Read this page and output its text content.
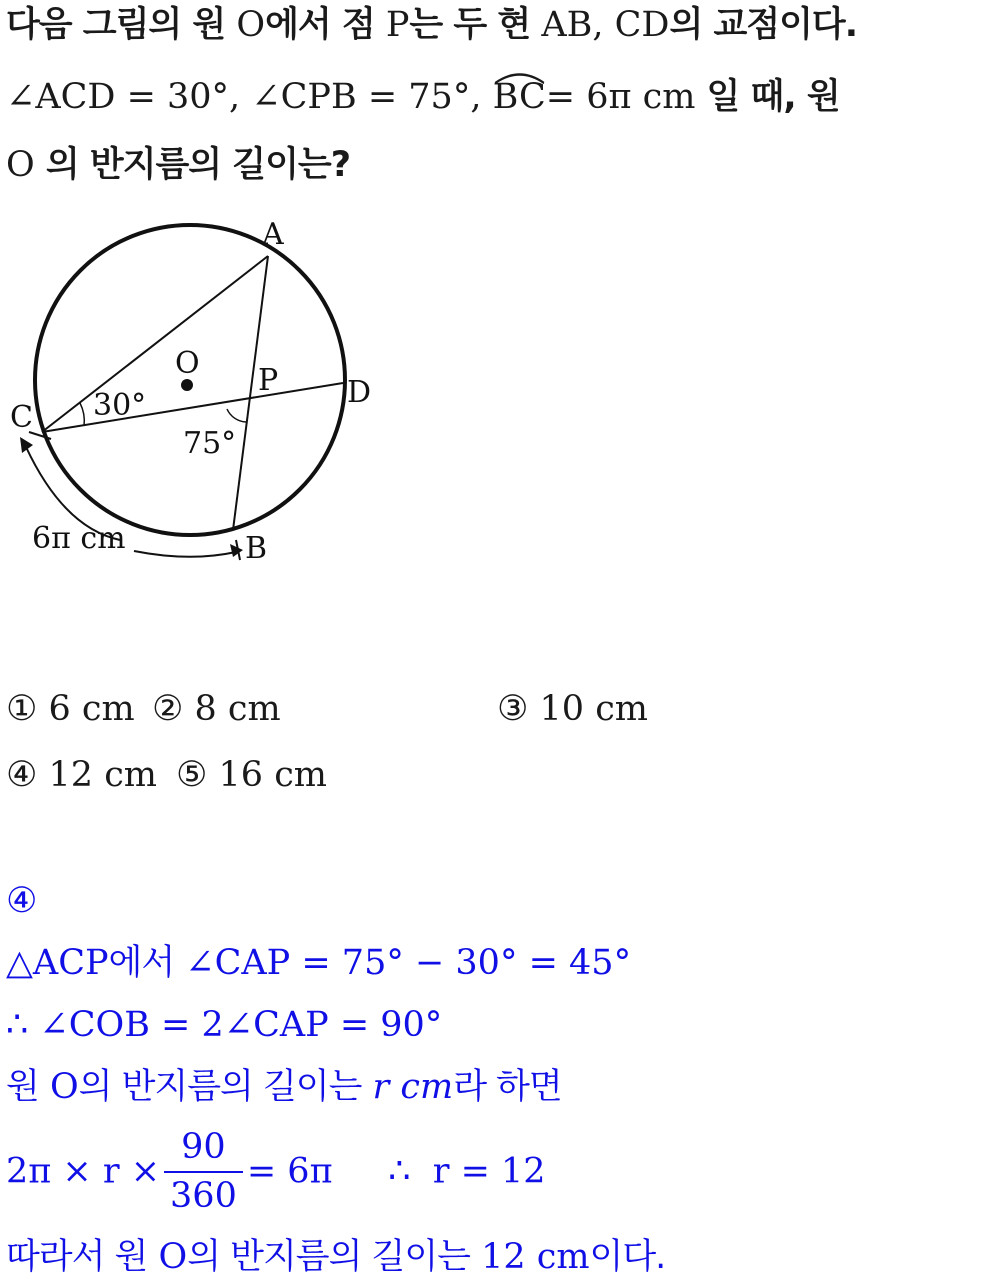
다음 그림의 원 O에서 점 P는 두 현 AB, CD의 교점이다.
∠ACD = 30°, ∠CPB = 75°, BC= 6π cm 일 때, 원
O 의 반지름의 길이는?
A
B
C
D
O P
30°
75°
6π cm
① 6 cm ② 8 cm	③ 10 cm
④ 12 cm ⑤ 16 cm
④
△ACP에서 ∠CAP = 75° − 30° = 45°
∴ ∠COB = 2∠CAP = 90°
원 O의 반지름의 길이는 r cm라 하면
$2\pi \times r \times \frac{90}{360} = 6\pi$     ∴  r = 12
따라서 원 O의 반지름의 길이는 12 cm이다.
